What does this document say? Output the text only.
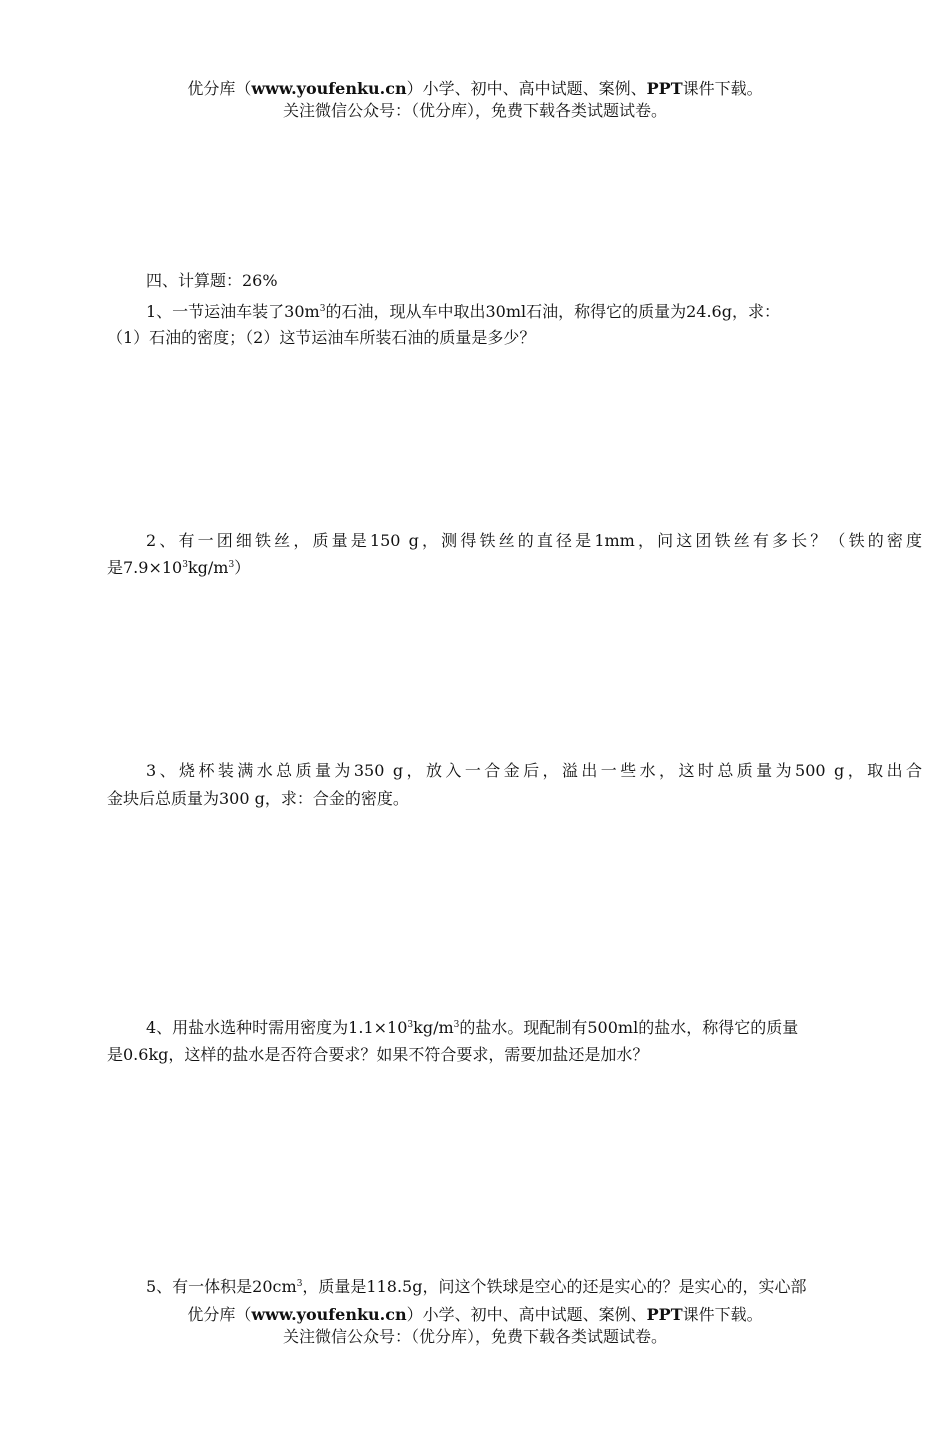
优分库（www.youfenku.cn）小学、初中、高中试题、案例、PPT课件下载。
关注微信公众号：（优分库），免费下载各类试题试卷。
四、计算题：26%
1、一节运油车装了$30m^3$的石油，现从车中取出30ml石油，称得它的质量为24.6g，求：
（1）石油的密度；（2）这节运油车所装石油的质量是多少？
2、有一团细铁丝，质量是150 g，测得铁丝的直径是1mm，问这团铁丝有多长？（铁的密度
是$7.9\times 10^3kg/m^3$）
3、烧杯装满水总质量为350 g，放入一合金后，溢出一些水，这时总质量为500 g，取出合
金块后总质量为300 g，求：合金的密度。
4、用盐水选种时需用密度为$1.1\times 10^3kg/m^3$的盐水。现配制有500ml的盐水，称得它的质量
是0.6kg，这样的盐水是否符合要求？如果不符合要求，需要加盐还是加水？
5、有一体积是$20cm^3$，质量是118.5g，问这个铁球是空心的还是实心的？是实心的，实心部
优分库（www.youfenku.cn）小学、初中、高中试题、案例、PPT课件下载。
关注微信公众号：（优分库），免费下载各类试题试卷。
